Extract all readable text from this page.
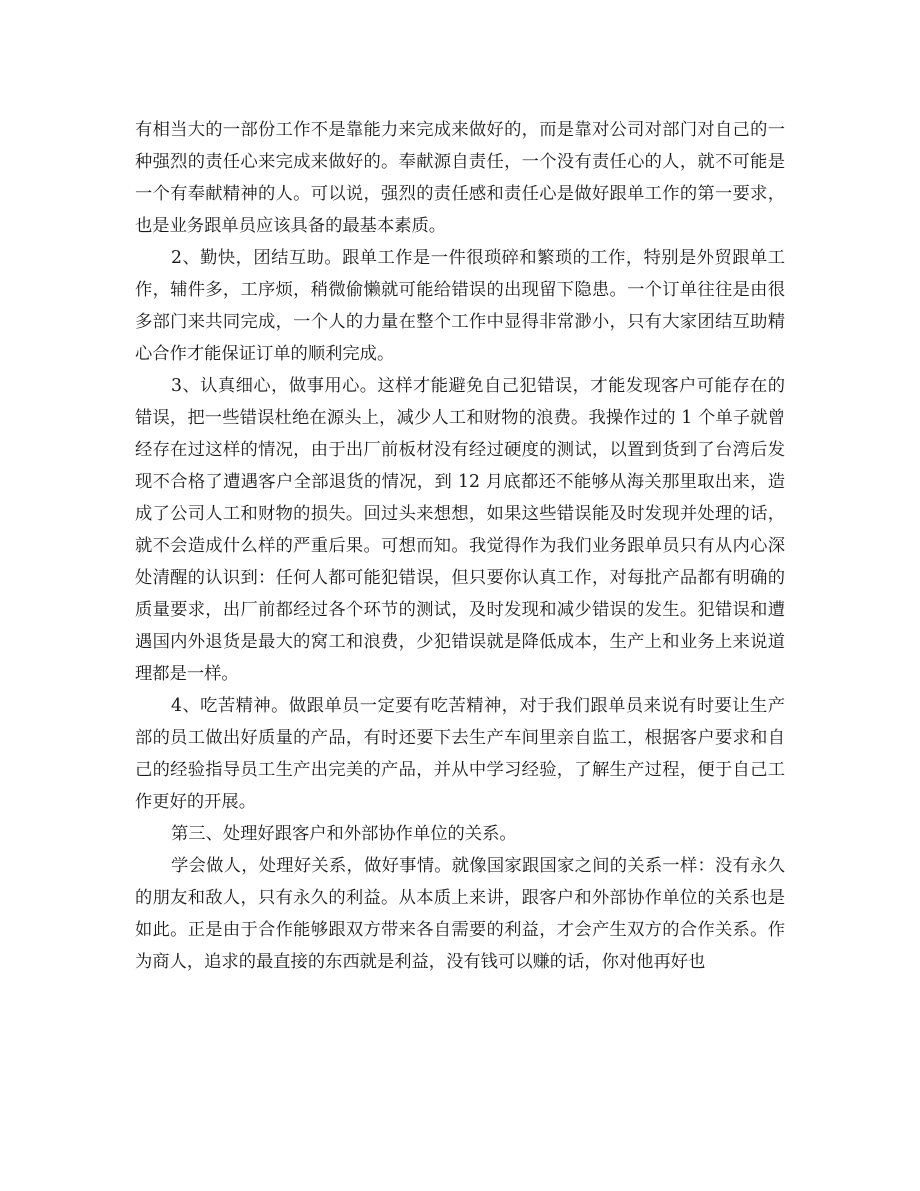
有相当大的一部份工作不是靠能力来完成来做好的，而是靠对公司对部门对自己的一种强烈的责任心来完成来做好的。奉献源自责任，一个没有责任心的人，就不可能是一个有奉献精神的人。可以说，强烈的责任感和责任心是做好跟单工作的第一要求，也是业务跟单员应该具备的最基本素质。

2、勤快，团结互助。跟单工作是一件很琐碎和繁琐的工作，特别是外贸跟单工作，辅件多，工序烦，稍微偷懒就可能给错误的出现留下隐患。一个订单往往是由很多部门来共同完成，一个人的力量在整个工作中显得非常渺小，只有大家团结互助精心合作才能保证订单的顺利完成。

3、认真细心，做事用心。这样才能避免自己犯错误，才能发现客户可能存在的错误，把一些错误杜绝在源头上，减少人工和财物的浪费。我操作过的 1 个单子就曾经存在过这样的情况，由于出厂前板材没有经过硬度的测试，以置到货到了台湾后发现不合格了遭遇客户全部退货的情况，到 12 月底都还不能够从海关那里取出来，造成了公司人工和财物的损失。回过头来想想，如果这些错误能及时发现并处理的话，就不会造成什么样的严重后果。可想而知。我觉得作为我们业务跟单员只有从内心深处清醒的认识到：任何人都可能犯错误，但只要你认真工作，对每批产品都有明确的质量要求，出厂前都经过各个环节的测试，及时发现和减少错误的发生。犯错误和遭遇国内外退货是最大的窝工和浪费，少犯错误就是降低成本，生产上和业务上来说道理都是一样。

4、吃苦精神。做跟单员一定要有吃苦精神，对于我们跟单员来说有时要让生产部的员工做出好质量的产品，有时还要下去生产车间里亲自监工，根据客户要求和自己的经验指导员工生产出完美的产品，并从中学习经验，了解生产过程，便于自己工作更好的开展。

第三、处理好跟客户和外部协作单位的关系。

学会做人，处理好关系，做好事情。就像国家跟国家之间的关系一样：没有永久的朋友和敌人，只有永久的利益。从本质上来讲，跟客户和外部协作单位的关系也是如此。正是由于合作能够跟双方带来各自需要的利益，才会产生双方的合作关系。作为商人，追求的最直接的东西就是利益，没有钱可以赚的话，你对他再好也
